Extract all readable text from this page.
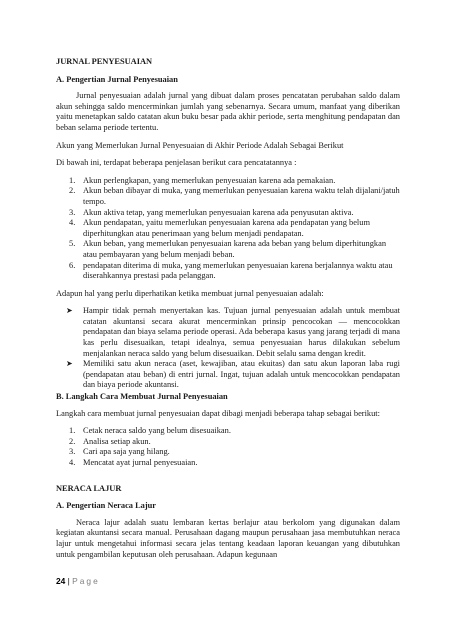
JURNAL PENYESUAIAN
A. Pengertian Jurnal Penyesuaian

Jurnal penyesuaian adalah jurnal yang dibuat dalam proses pencatatan perubahan saldo dalam akun sehingga saldo mencerminkan jumlah yang sebenarnya. Secara umum, manfaat yang diberikan yaitu menetapkan saldo catatan akun buku besar pada akhir periode, serta menghitung pendapatan dan beban selama periode tertentu.

Akun yang Memerlukan Jurnal Penyesuaian di Akhir Periode Adalah Sebagai Berikut

Di bawah ini, terdapat beberapa penjelasan berikut cara pencatatannya :

1. Akun perlengkapan, yang memerlukan penyesuaian karena ada pemakaian.
2. Akun beban dibayar di muka, yang memerlukan penyesuaian karena waktu telah dijalani/jatuh tempo.
3. Akun aktiva tetap, yang memerlukan penyesuaian karena ada penyusutan aktiva.
4. Akun pendapatan, yaitu memerlukan penyesuaian karena ada pendapatan yang belum diperhitungkan atau penerimaan yang belum menjadi pendapatan.
5. Akun beban, yang memerlukan penyesuaian karena ada beban yang belum diperhitungkan atau pembayaran yang belum menjadi beban.
6. pendapatan diterima di muka, yang memerlukan penyesuaian karena berjalannya waktu atau diserahkannya prestasi pada pelanggan.

Adapun hal yang perlu diperhatikan ketika membuat jurnal penyesuaian adalah:

➤ Hampir tidak pernah menyertakan kas. Tujuan jurnal penyesuaian adalah untuk membuat catatan akuntansi secara akurat mencerminkan prinsip pencocokan — mencocokkan pendapatan dan biaya selama periode operasi. Ada beberapa kasus yang jarang terjadi di mana kas perlu disesuaikan, tetapi idealnya, semua penyesuaian harus dilakukan sebelum menjalankan neraca saldo yang belum disesuaikan. Debit selalu sama dengan kredit.
➤ Memiliki satu akun neraca (aset, kewajiban, atau ekuitas) dan satu akun laporan laba rugi (pendapatan atau beban) di entri jurnal. Ingat, tujuan adalah untuk mencocokkan pendapatan dan biaya periode akuntansi.
B. Langkah Cara Membuat Jurnal Penyesuaian

Langkah cara membuat jurnal penyesuaian dapat dibagi menjadi beberapa tahap sebagai berikut:

1. Cetak neraca saldo yang belum disesuaikan.
2. Analisa setiap akun.
3. Cari apa saja yang hilang.
4. Mencatat ayat jurnal penyesuaian.
NERACA LAJUR
A. Pengertian Neraca Lajur

Neraca lajur adalah suatu lembaran kertas berlajur atau berkolom yang digunakan dalam kegiatan akuntansi secara manual. Perusahaan dagang maupun perusahaan jasa membutuhkan neraca lajur untuk mengetahui informasi secara jelas tentang keadaan laporan keuangan yang dibutuhkan untuk pengambilan keputusan oleh perusahaan. Adapun kegunaan

24 | Page
